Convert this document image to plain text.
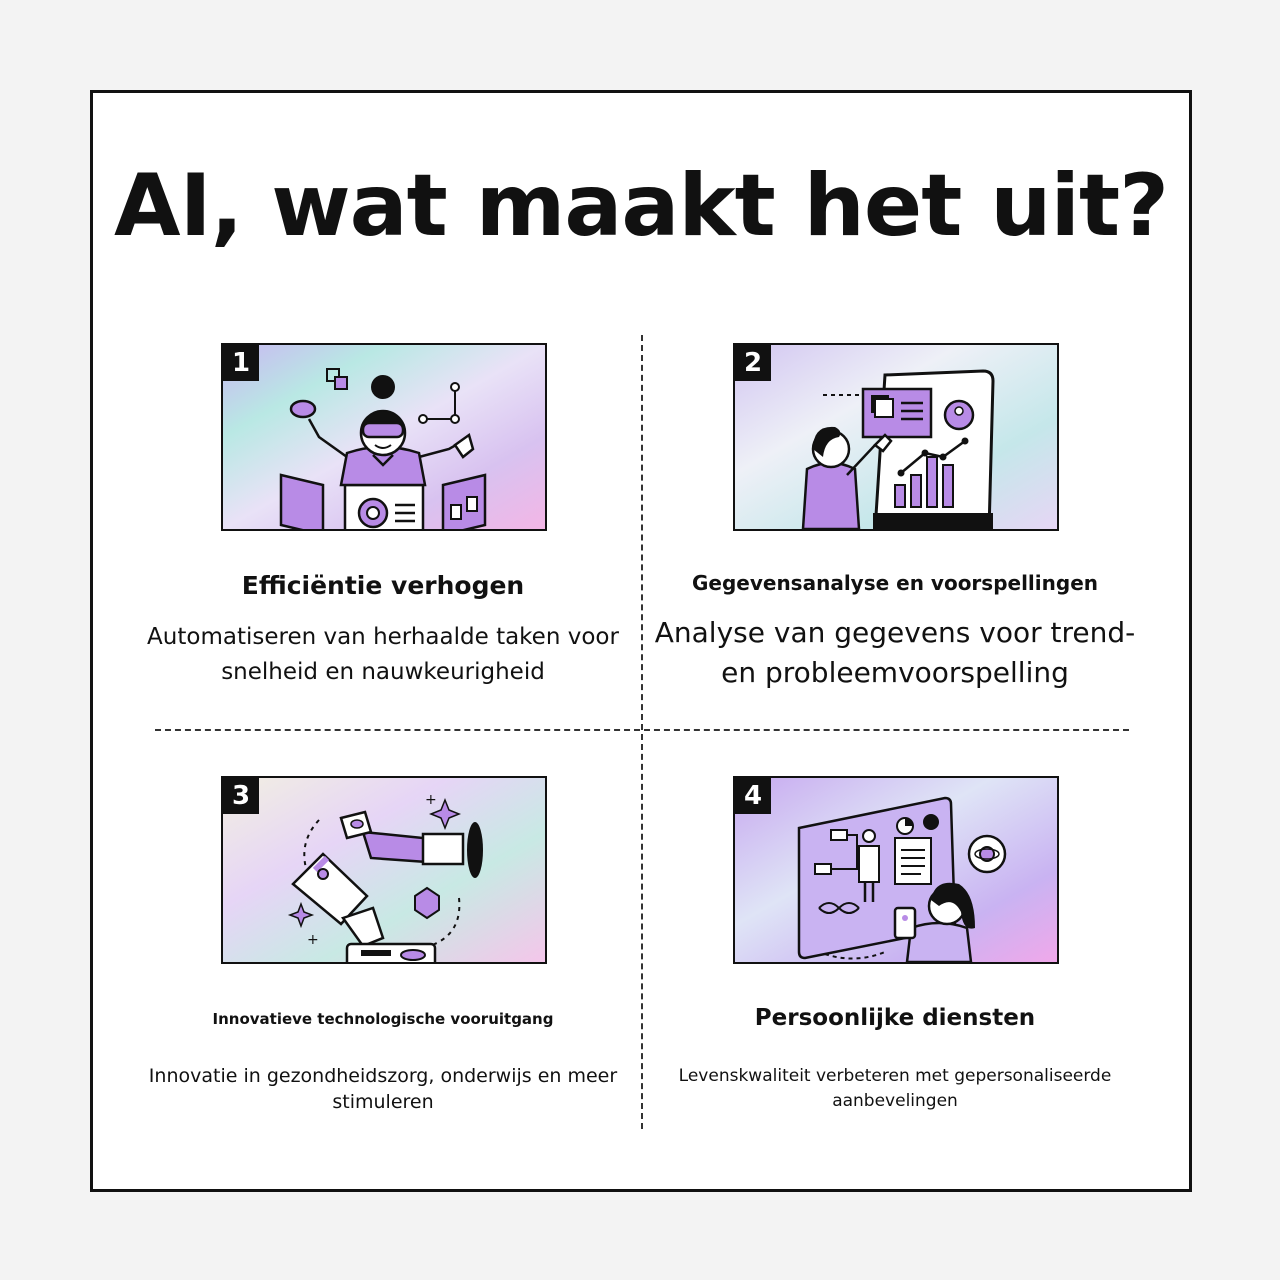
AI, wat maakt het uit?
1
Efficiëntie verhogen
Automatiseren van herhaalde taken voor snelheid en nauwkeurigheid
2
Gegevensanalyse en voorspellingen
Analyse van gegevens voor trend- en probleemvoorspelling
+
+
3
Innovatieve technologische vooruitgang
Innovatie in gezondheidszorg, onderwijs en meer stimuleren
4
Persoonlijke diensten
Levenskwaliteit verbeteren met gepersonaliseerde aanbevelingen
